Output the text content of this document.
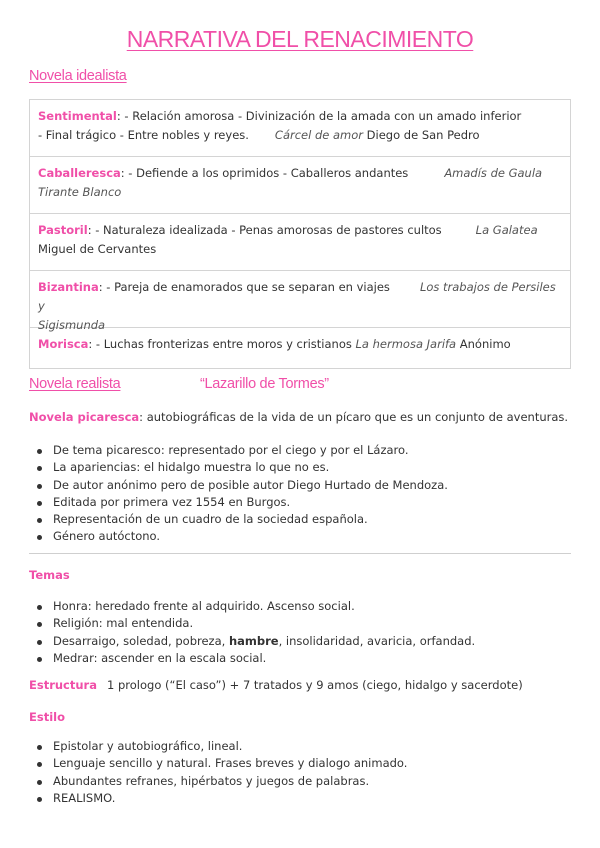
NARRATIVA DEL RENACIMIENTO
Novela idealista
Sentimental: - Relación amorosa - Divinización de la amada con un amado inferior
- Final trágico - Entre nobles y reyes. Cárcel de amor Diego de San Pedro
Caballeresca: - Defiende a los oprimidos - Caballeros andantes	Amadís de Gaula
Tirante Blanco
Pastoril: - Naturaleza idealizada - Penas amorosas de pastores cultos	La Galatea
Miguel de Cervantes
Bizantina: - Pareja de enamorados que se separan en viajes	Los trabajos de Persiles y
Sigismunda
Morisca: - Luchas fronterizas entre moros y cristianos La hermosa Jarifa Anónimo
Novela realista	“Lazarillo de Tormes”
Novela picaresca: autobiográficas de la vida de un pícaro que es un conjunto de aventuras.
De tema picaresco: representado por el ciego y por el Lázaro.
La apariencias: el hidalgo muestra lo que no es.
De autor anónimo pero de posible autor Diego Hurtado de Mendoza.
Editada por primera vez 1554 en Burgos.
Representación de un cuadro de la sociedad española.
Género autóctono.
Temas
Honra: heredado frente al adquirido. Ascenso social.
Religión: mal entendida.
Desarraigo, soledad, pobreza, hambre, insolidaridad, avaricia, orfandad.
Medrar: ascender en la escala social.
Estructura 1 prologo (“El caso”) + 7 tratados y 9 amos (ciego, hidalgo y sacerdote)
Estilo
Epistolar y autobiográfico, lineal.
Lenguaje sencillo y natural. Frases breves y dialogo animado.
Abundantes refranes, hipérbatos y juegos de palabras.
REALISMO.
